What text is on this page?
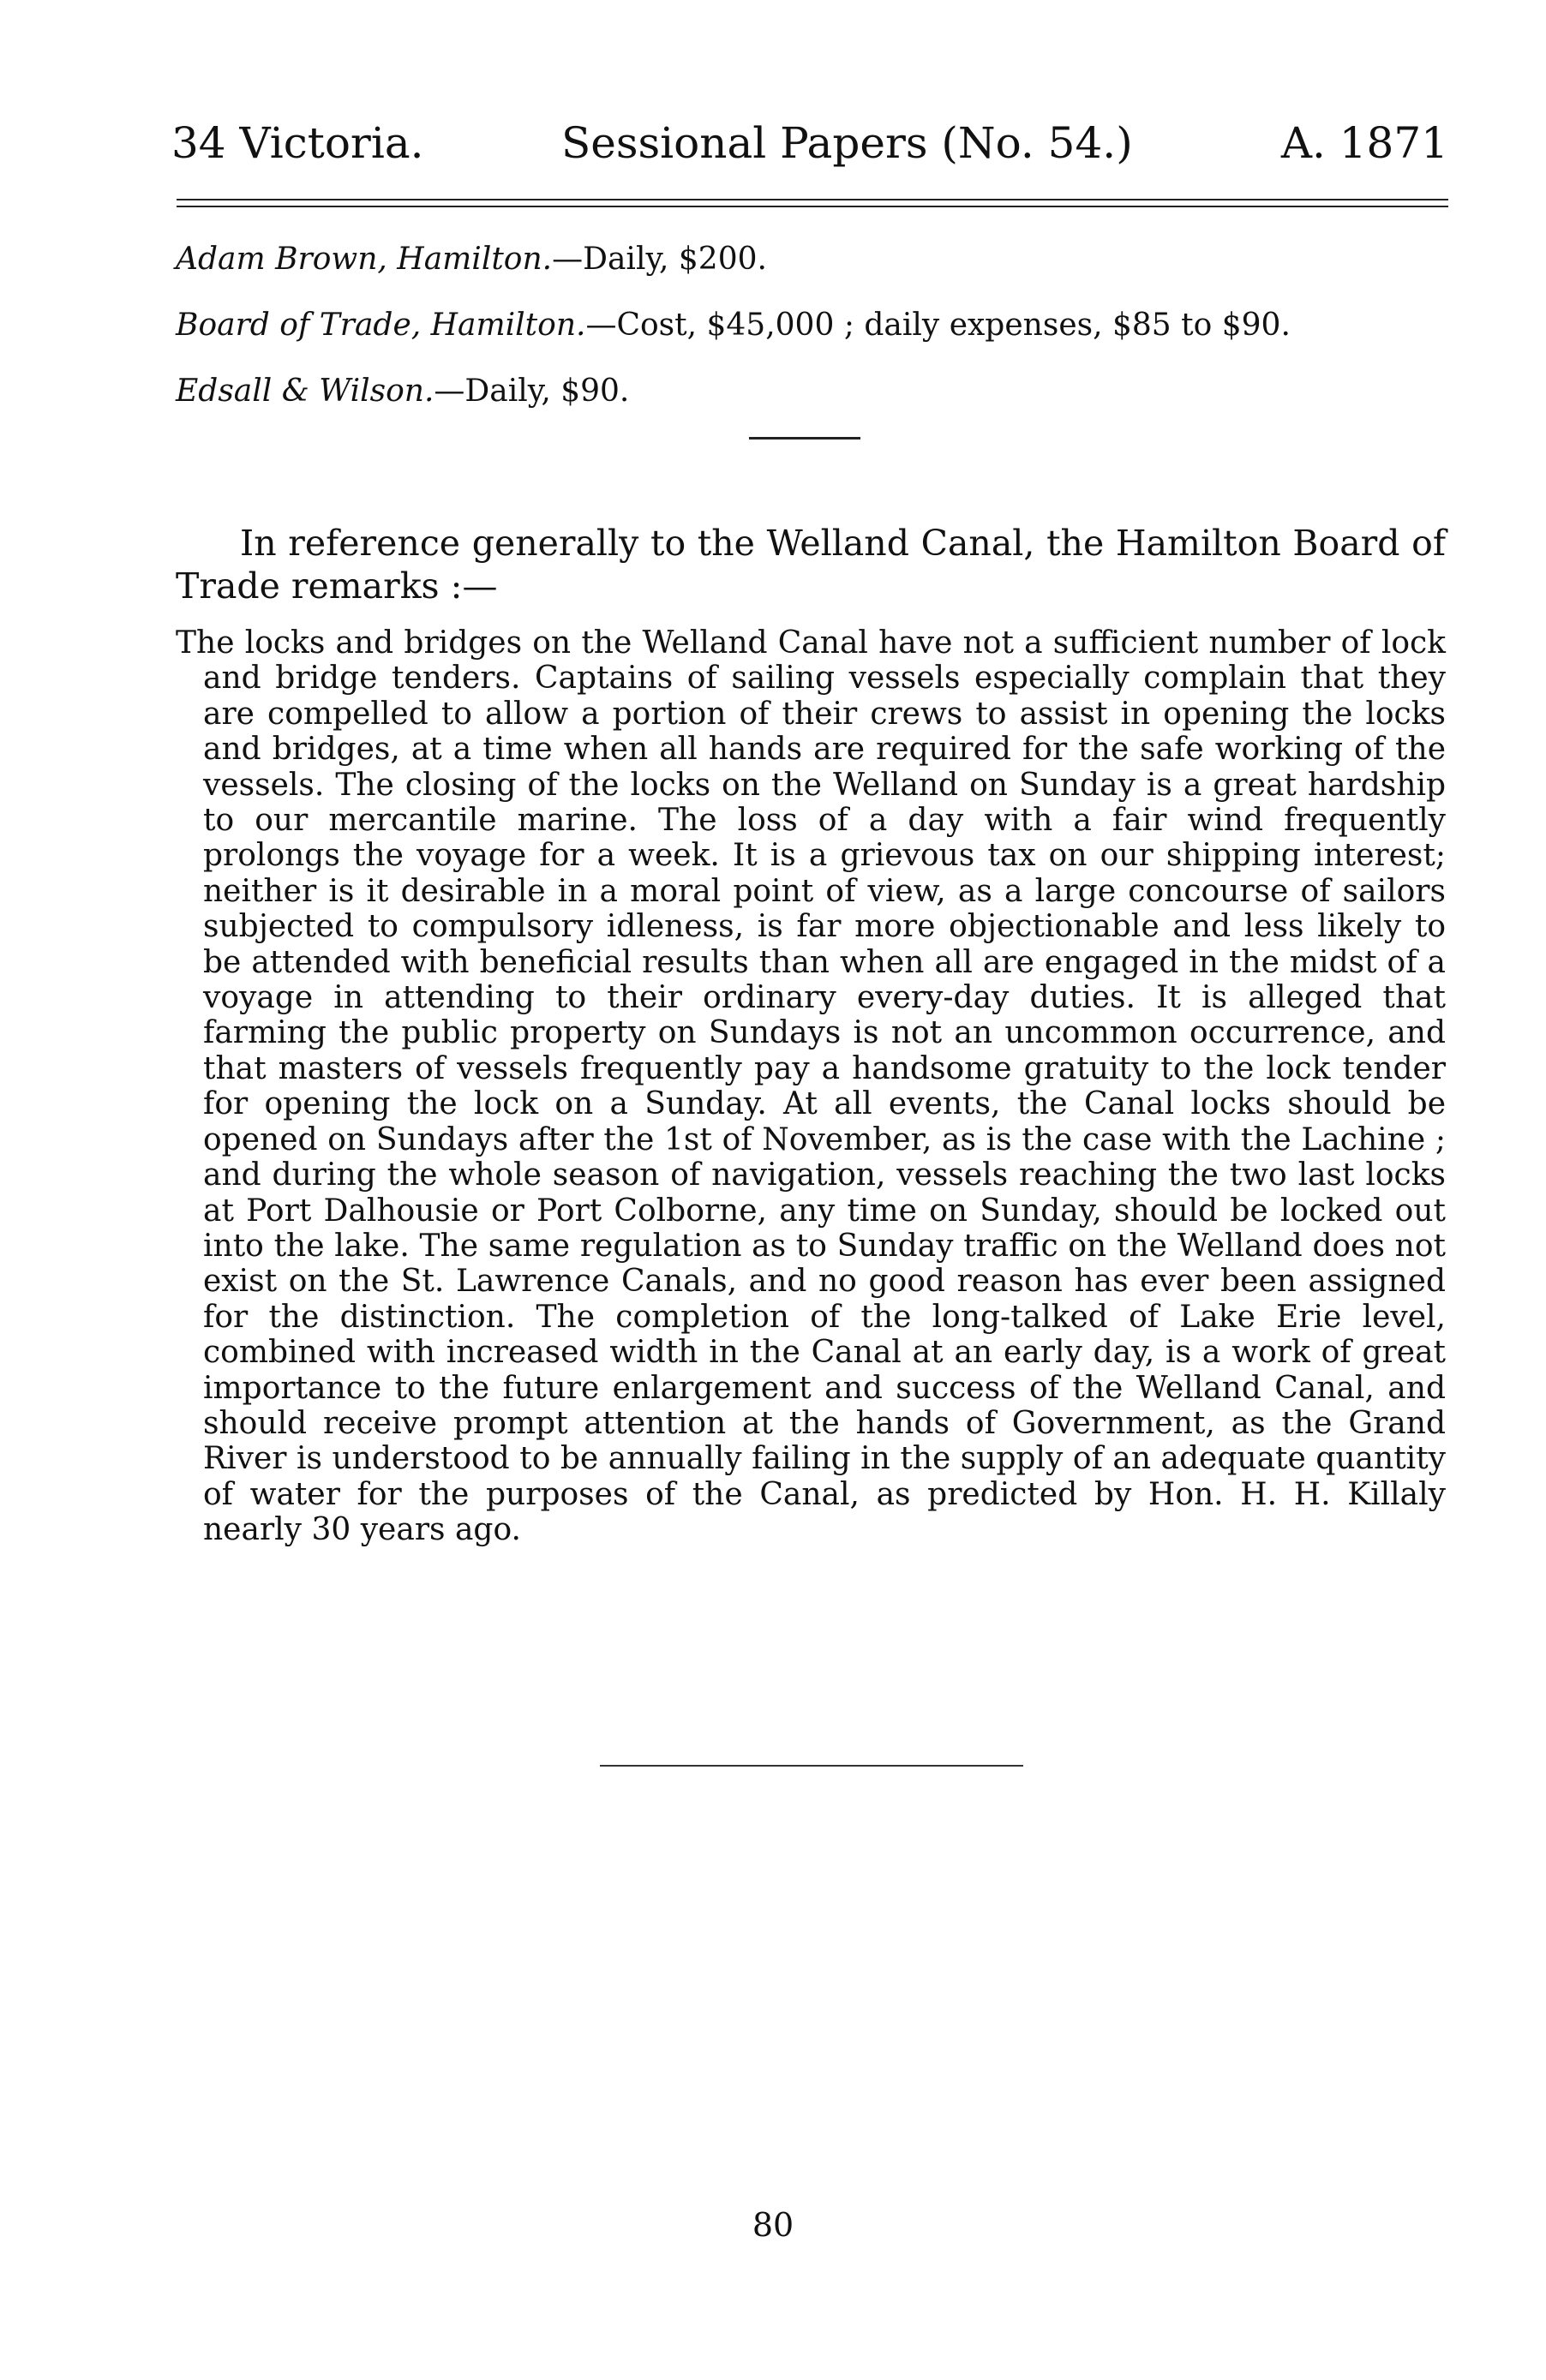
34 Victoria.	Sessional Papers (No. 54.)	A. 1871
Adam Brown, Hamilton.—Daily, $200.
Board of Trade, Hamilton.—Cost, $45,000 ; daily expenses, $85 to $90.
Edsall & Wilson.—Daily, $90.

In reference generally to the Welland Canal, the Hamilton Board of Trade remarks :—

The locks and bridges on the Welland Canal have not a sufficient number of lock and bridge tenders. Captains of sailing vessels especially complain that they are compelled to allow a portion of their crews to assist in opening the locks and bridges, at a time when all hands are required for the safe working of the vessels. The closing of the locks on the Welland on Sunday is a great hardship to our mercantile marine. The loss of a day with a fair wind frequently prolongs the voyage for a week. It is a grievous tax on our shipping interest; neither is it desirable in a moral point of view, as a large concourse of sailors subjected to compulsory idleness, is far more objectionable and less likely to be attended with beneficial results than when all are engaged in the midst of a voyage in attending to their ordinary every-day duties. It is alleged that farming the public property on Sundays is not an uncommon occurrence, and that masters of vessels frequently pay a handsome gratuity to the lock tender for opening the lock on a Sunday. At all events, the Canal locks should be opened on Sundays after the 1st of November, as is the case with the Lachine ; and during the whole season of navigation, vessels reaching the two last locks at Port Dalhousie or Port Colborne, any time on Sunday, should be locked out into the lake. The same regulation as to Sunday traffic on the Welland does not exist on the St. Lawrence Canals, and no good reason has ever been assigned for the distinction. The completion of the long-talked of Lake Erie level, combined with increased width in the Canal at an early day, is a work of great importance to the future enlargement and success of the Welland Canal, and should receive prompt attention at the hands of Government, as the Grand River is understood to be annually failing in the supply of an adequate quantity of water for the purposes of the Canal, as predicted by Hon. H. H. Killaly nearly 30 years ago.

80
